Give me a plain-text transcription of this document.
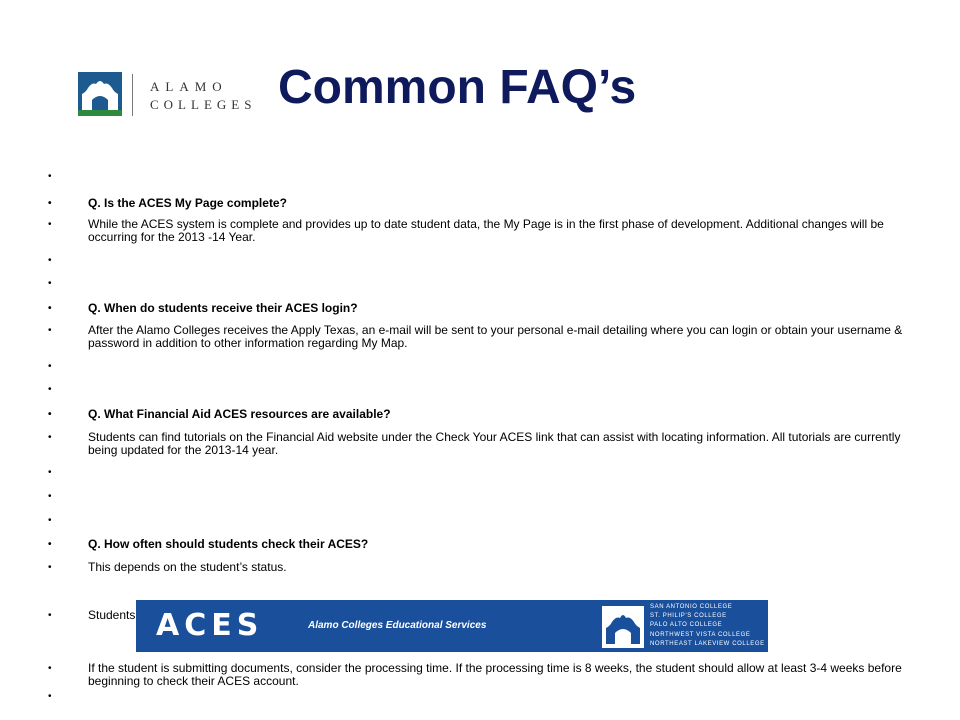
ALAMO
COLLEGES Common FAQ’s
• Q. Is the ACES My Page complete?
• While the ACES system is complete and provides up to date student data, the My Page is in the first phase of development. Additional changes will be occurring for the 2013 -14 Year.
• Q. When do students receive their ACES login?
• After the Alamo Colleges receives the Apply Texas, an e-mail will be sent to your personal e-mail detailing where you can login or obtain your username & password in addition to other information regarding My Map.
• Q. What Financial Aid ACES resources are available?
• Students can find tutorials on the Financial Aid website under the Check Your ACES link that can assist with locating information. All tutorials are currently being updated for the 2013-14 year.
• Q. How often should students check their ACES?
• This depends on the student’s status.
• Students
• If the student is submitting documents, consider the processing time. If the processing time is 8 weeks, the student should allow at least 3-4 weeks before beginning to check their ACES account.
ACES	Alamo Colleges Educational Services
SAN ANTONIO COLLEGE
ST. PHILIP’S COLLEGE
PALO ALTO COLLEGE
NORTHWEST VISTA COLLEGE
NORTHEAST LAKEVIEW COLLEGE
